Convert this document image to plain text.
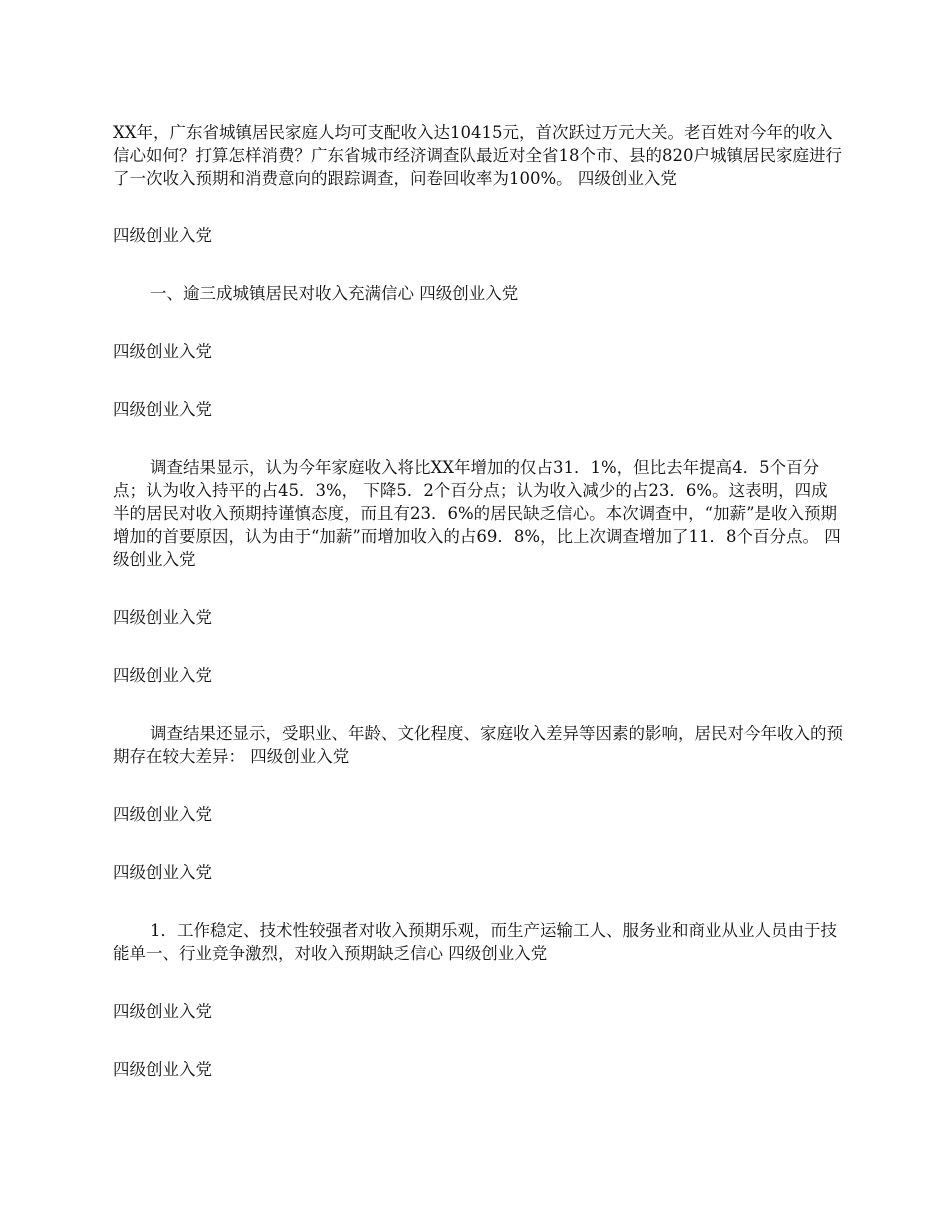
XX年，广东省城镇居民家庭人均可支配收入达10415元，首次跃过万元大关。老百姓对今年的收入信心如何？打算怎样消费？广东省城市经济调查队最近对全省18个市、县的820户城镇居民家庭进行了一次收入预期和消费意向的跟踪调查，问卷回收率为100%。 四级创业入党

四级创业入党

一、逾三成城镇居民对收入充满信心 四级创业入党

四级创业入党

四级创业入党

调查结果显示，认为今年家庭收入将比XX年增加的仅占31．1%，但比去年提高4．5个百分点；认为收入持平的占45．3%， 下降5．2个百分点；认为收入减少的占23．6%。这表明，四成半的居民对收入预期持谨慎态度，而且有23．6%的居民缺乏信心。本次调查中，“加薪”是收入预期增加的首要原因，认为由于“加薪”而增加收入的占69．8%，比上次调查增加了11．8个百分点。 四级创业入党

四级创业入党

四级创业入党

调查结果还显示，受职业、年龄、文化程度、家庭收入差异等因素的影响，居民对今年收入的预期存在较大差异： 四级创业入党

四级创业入党

四级创业入党

1．工作稳定、技术性较强者对收入预期乐观，而生产运输工人、服务业和商业从业人员由于技能单一、行业竞争激烈，对收入预期缺乏信心 四级创业入党

四级创业入党

四级创业入党
